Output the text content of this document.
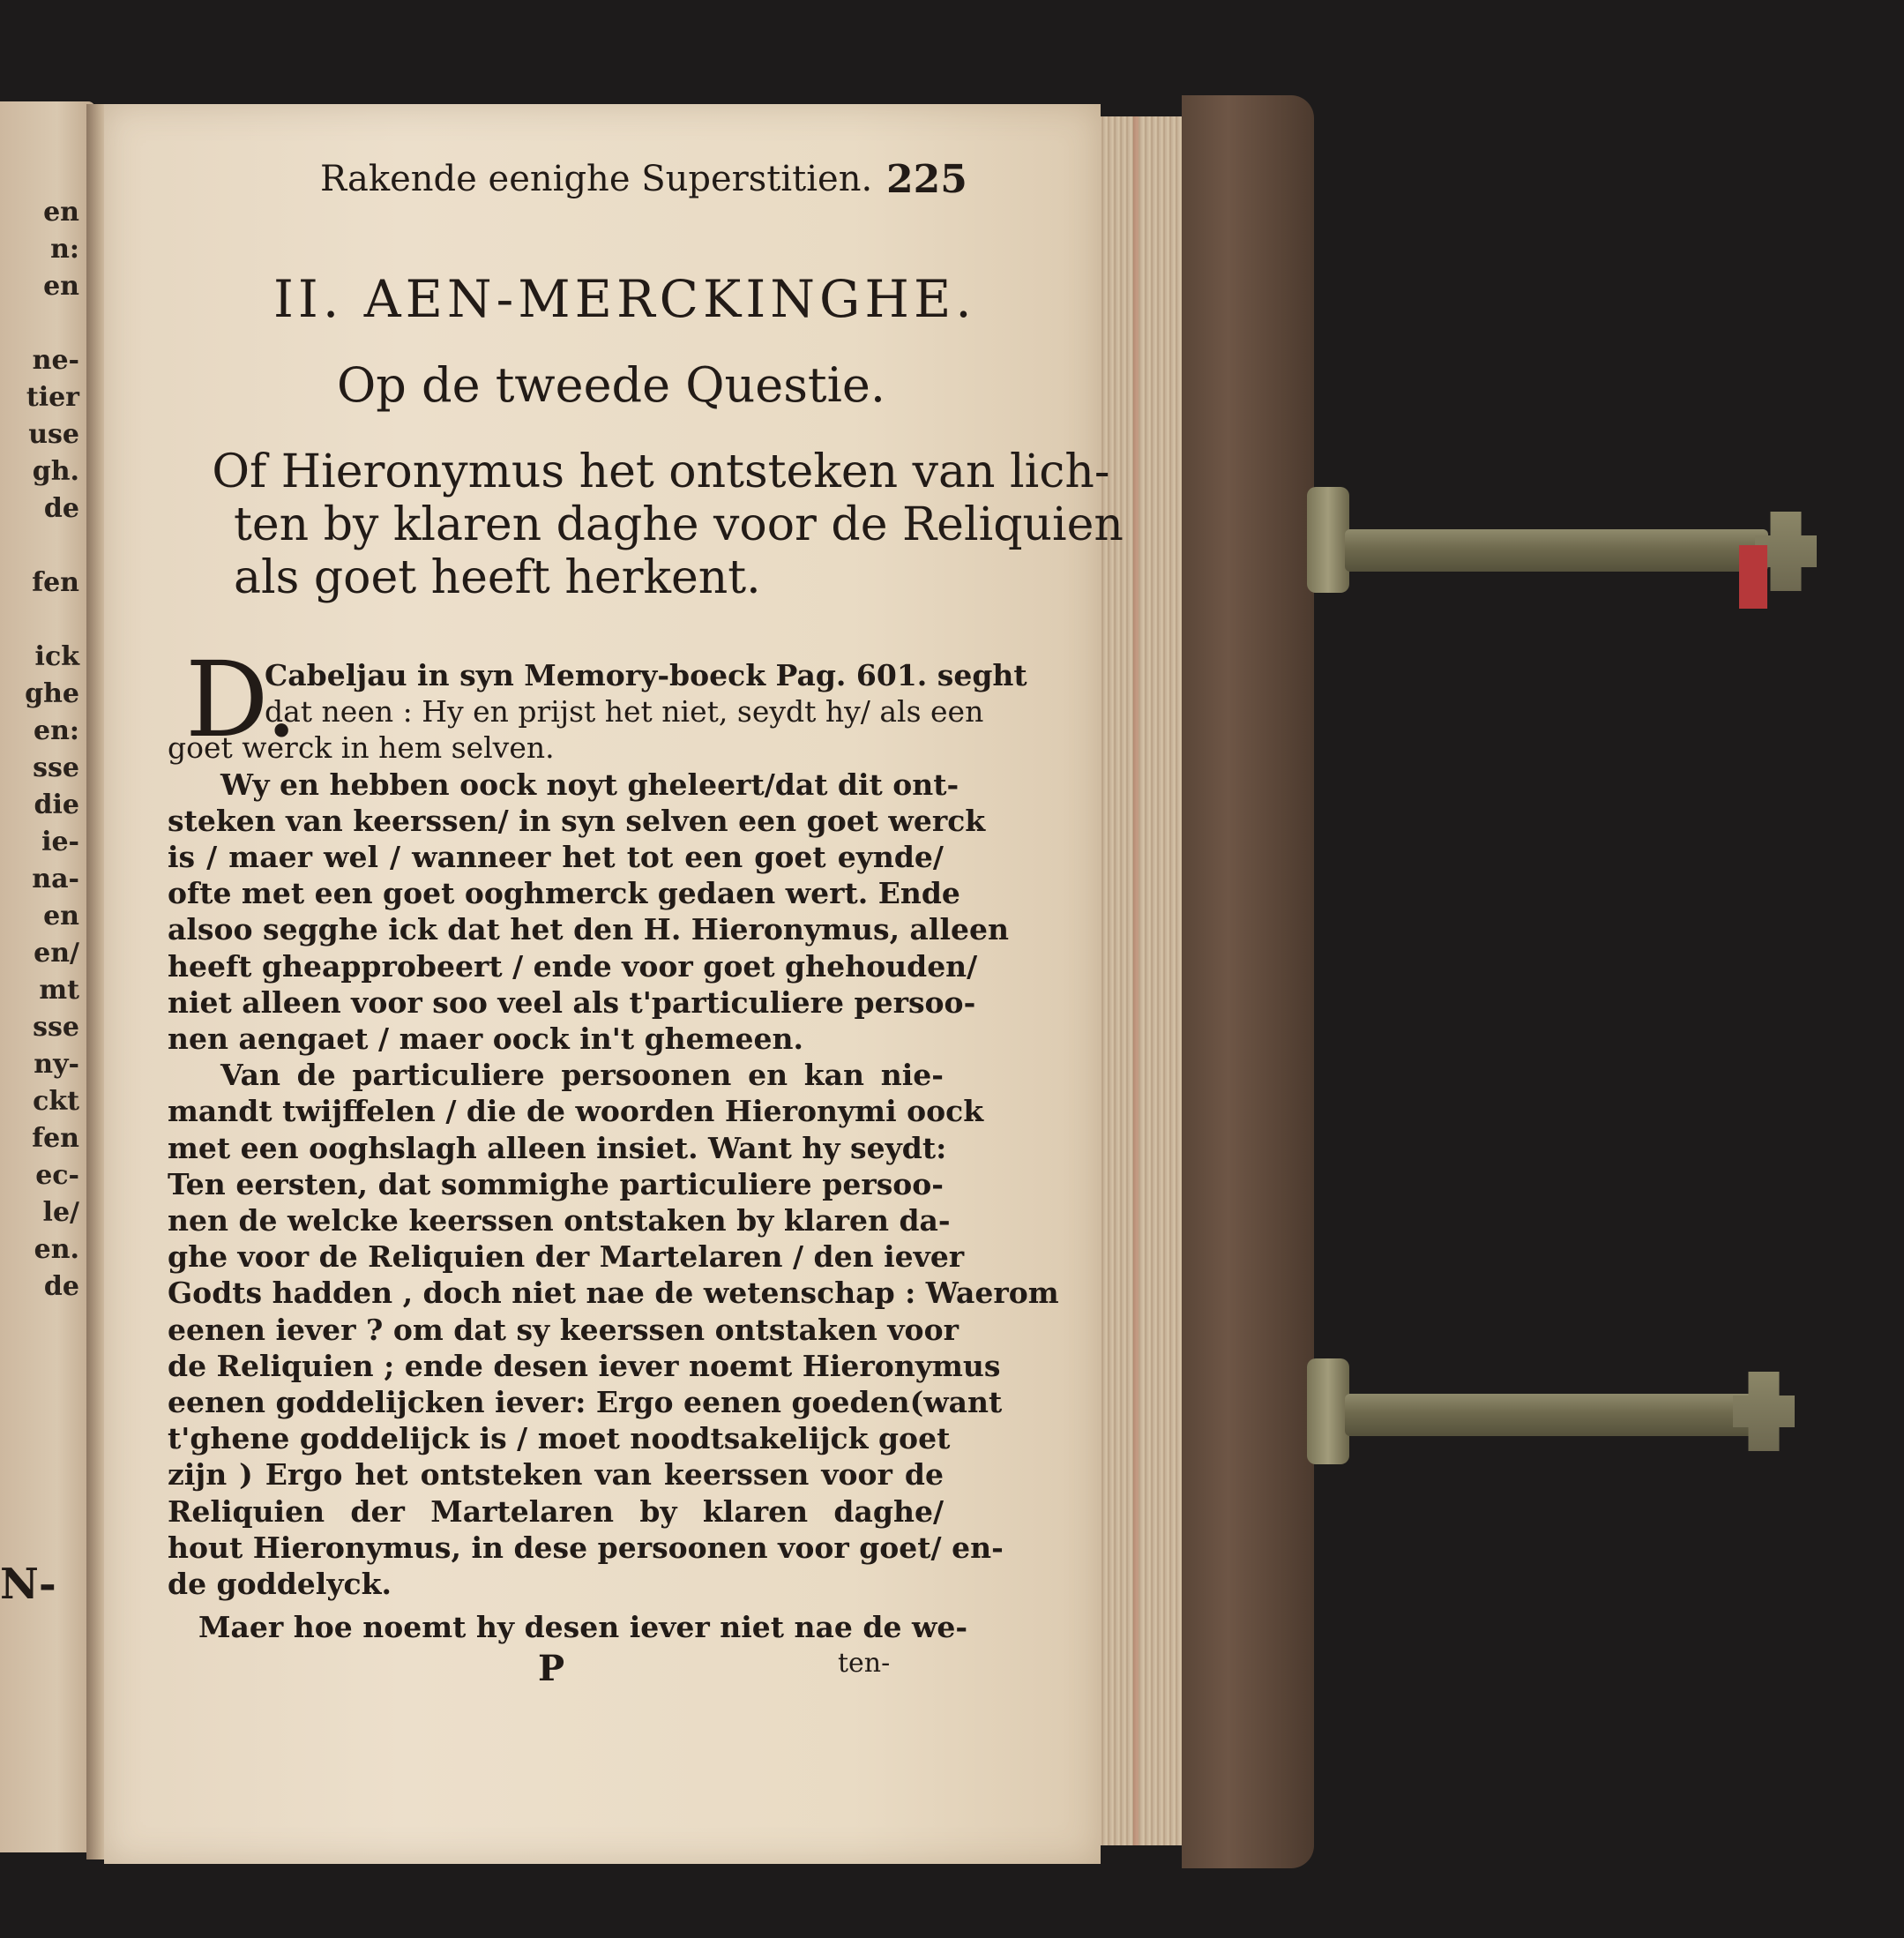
en
n:
en
ne-
tier
use
gh.
de
fen
ick
ghe
en:
sse
die
ie-
na-
en
en/
mt
sse
ny-
ckt
fen
ec-
le/
en.
de
N-
Rakende eenighe Superstitien. 225
II. AEN-MERCKINGHE.
Op de tweede Questie.
Of Hieronymus het ontsteken van lich-
ten by klaren daghe voor de Reliquien
als goet heeft herkent.
D.
Cabeljau in syn Memory-boeck Pag. 601. seght
dat neen : Hy en prijst het niet, seydt hy/ als een
goet werck in hem selven.
Wy en hebben oock noyt gheleert/dat dit ont-
steken van keerssen/ in syn selven een goet werck
is / maer wel / wanneer het tot een goet eynde/
ofte met een goet ooghmerck gedaen wert. Ende
alsoo segghe ick dat het den H. Hieronymus, alleen
heeft gheapprobeert / ende voor goet ghehouden/
niet alleen voor soo veel als t'particuliere persoo-
nen aengaet / maer oock in't ghemeen.
Van de particuliere persoonen en kan nie-
mandt twijffelen / die de woorden Hieronymi oock
met een ooghslagh alleen insiet. Want hy seydt:
Ten eersten, dat sommighe particuliere persoo-
nen de welcke keerssen ontstaken by klaren da-
ghe voor de Reliquien der Martelaren / den iever
Godts hadden , doch niet nae de wetenschap : Waerom
eenen iever ? om dat sy keerssen ontstaken voor
de Reliquien ; ende desen iever noemt Hieronymus
eenen goddelijcken iever: Ergo eenen goeden(want
t'ghene goddelijck is / moet noodtsakelijck goet
zijn ) Ergo het ontsteken van keerssen voor de
Reliquien der Martelaren by klaren daghe/
hout Hieronymus, in dese persoonen voor goet/ en-
de goddelyck.
Maer hoe noemt hy desen iever niet nae de we-
P	ten-
